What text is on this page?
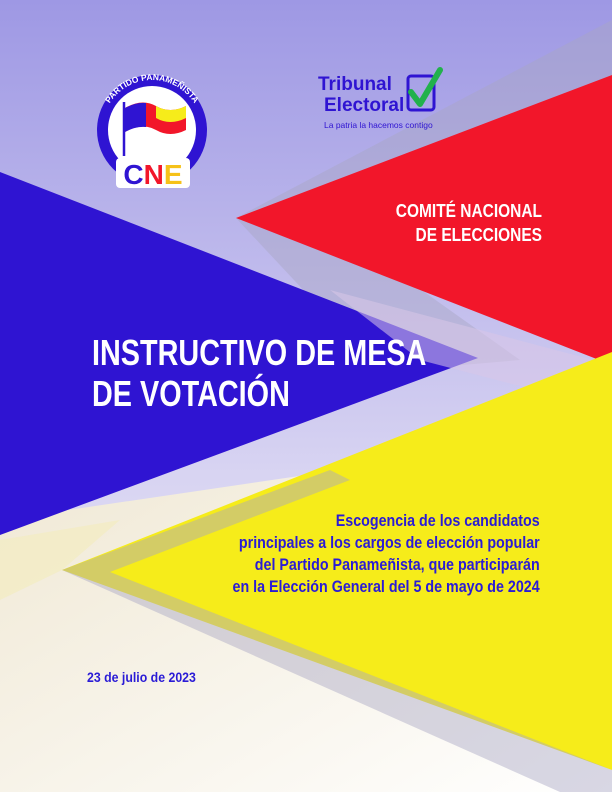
PARTIDO PANAMEÑISTA
CNE
Tribunal
Electoral
La patria la hacemos contigo
COMITÉ NACIONAL
DE ELECCIONES
INSTRUCTIVO DE MESA
DE VOTACIÓN
Escogencia de los candidatos
principales a los cargos de elección popular
del Partido Panameñista, que participarán
en la Elección General del 5 de mayo de 2024
23 de julio de 2023
